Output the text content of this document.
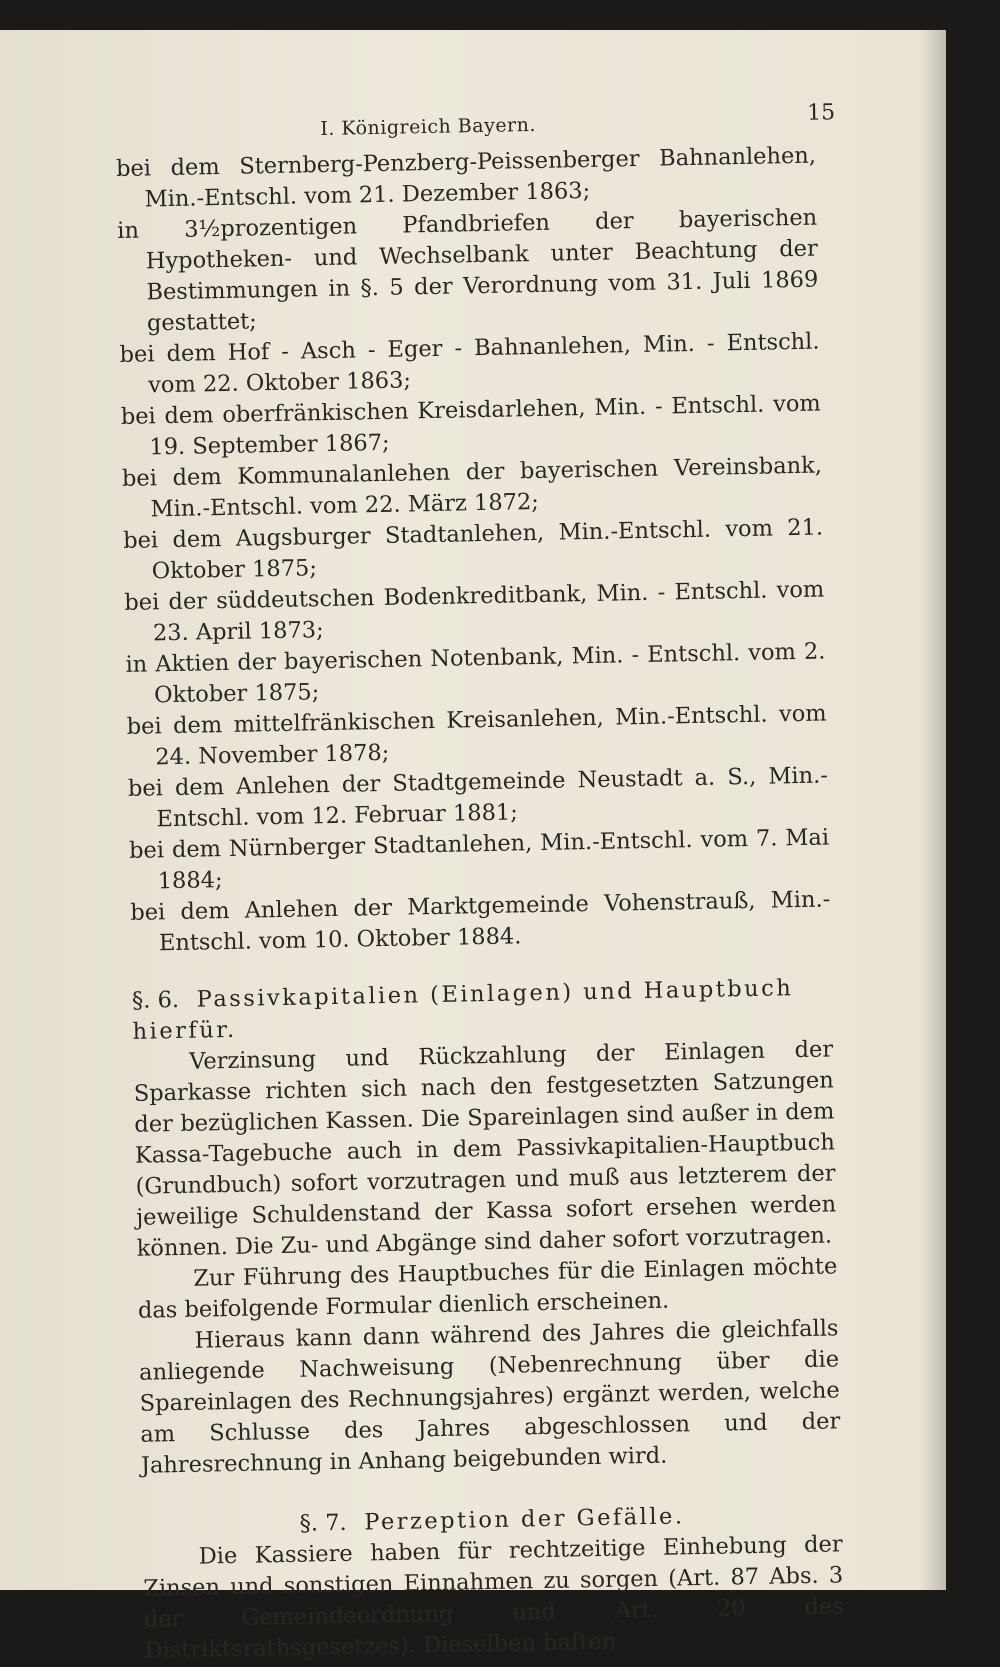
I. Königreich Bayern.
15
bei dem Sternberg-Penzberg-Peissenberger Bahnanlehen, Min.-Entschl. vom 21. Dezember 1863;
in 3½prozentigen Pfandbriefen der bayerischen Hypotheken- und Wechselbank unter Beachtung der Bestimmungen in §. 5 der Verordnung vom 31. Juli 1869 gestattet;
bei dem Hof - Asch - Eger - Bahnanlehen, Min. - Entschl. vom 22. Oktober 1863;
bei dem oberfränkischen Kreisdarlehen, Min. - Entschl. vom 19. September 1867;
bei dem Kommunalanlehen der bayerischen Vereinsbank, Min.-Entschl. vom 22. März 1872;
bei dem Augsburger Stadtanlehen, Min.-Entschl. vom 21. Oktober 1875;
bei der süddeutschen Bodenkreditbank, Min. - Entschl. vom 23. April 1873;
in Aktien der bayerischen Notenbank, Min. - Entschl. vom 2. Oktober 1875;
bei dem mittelfränkischen Kreisanlehen, Min.-Entschl. vom 24. November 1878;
bei dem Anlehen der Stadtgemeinde Neustadt a. S., Min.-Entschl. vom 12. Februar 1881;
bei dem Nürnberger Stadtanlehen, Min.-Entschl. vom 7. Mai 1884;
bei dem Anlehen der Marktgemeinde Vohenstrauß, Min.-Entschl. vom 10. Oktober 1884.
§. 6. Passivkapitalien (Einlagen) und Hauptbuch hierfür.

Verzinsung und Rückzahlung der Einlagen der Sparkasse richten sich nach den festgesetzten Satzungen der bezüglichen Kassen. Die Spareinlagen sind außer in dem Kassa-Tagebuche auch in dem Passivkapitalien-Hauptbuch (Grundbuch) sofort vorzutragen und muß aus letzterem der jeweilige Schuldenstand der Kassa sofort ersehen werden können. Die Zu- und Abgänge sind daher sofort vorzutragen.

Zur Führung des Hauptbuches für die Einlagen möchte das beifolgende Formular dienlich erscheinen.

Hieraus kann dann während des Jahres die gleichfalls anliegende Nachweisung (Nebenrechnung über die Spareinlagen des Rechnungsjahres) ergänzt werden, welche am Schlusse des Jahres abgeschlossen und der Jahresrechnung in Anhang beigebunden wird.

§. 7. Perzeption der Gefälle.

Die Kassiere haben für rechtzeitige Einhebung der Zinsen und sonstigen Einnahmen zu sorgen (Art. 87 Abs. 3 der Gemeindeordnung und Art. 20 des Distriktsrathsgesetzes). Dieselben haften
